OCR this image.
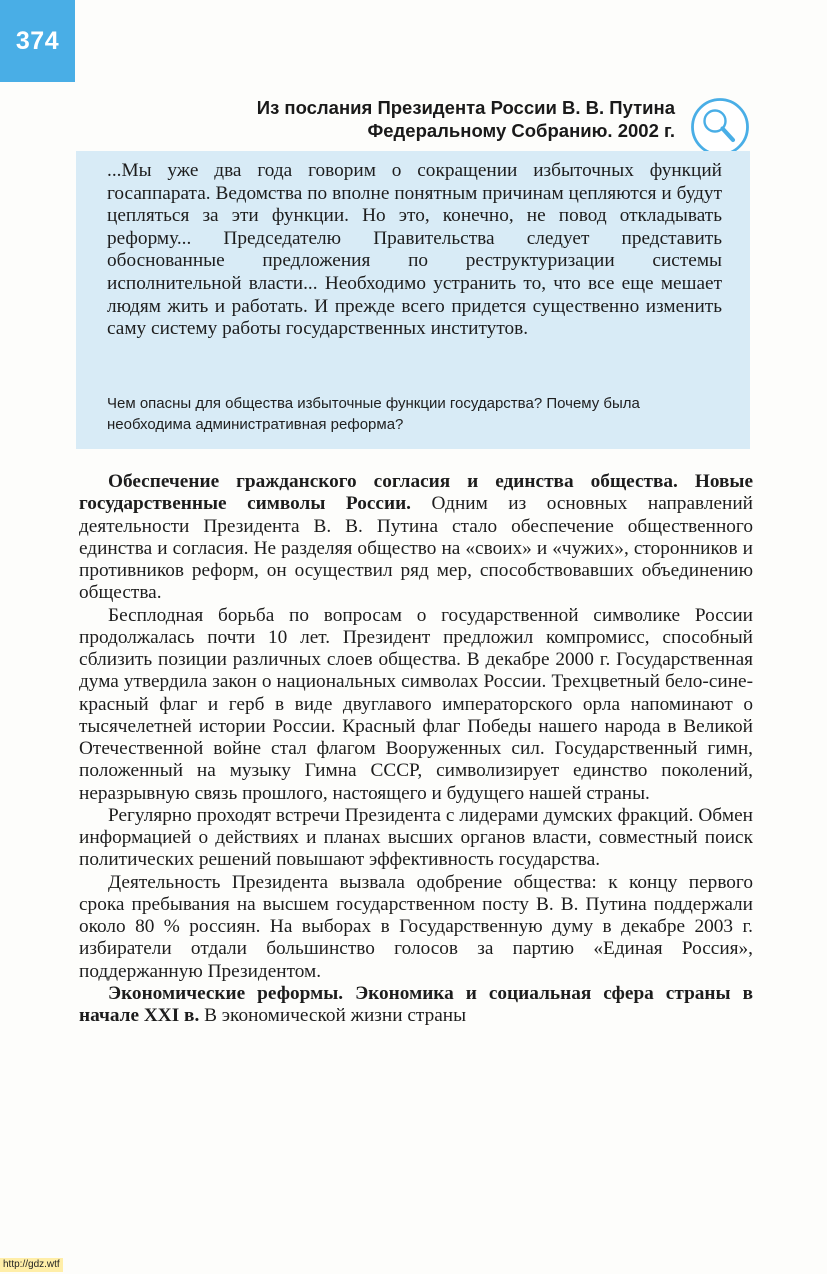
374
Из послания Президента России В. В. Путина
Федеральному Собранию. 2002 г.
...Мы уже два года говорим о сокращении избыточных функций госаппарата. Ведомства по вполне понятным причинам цепляются и будут цепляться за эти функции. Но это, конечно, не повод откладывать реформу... Председателю Правительства следует представить обоснованные предложения по реструктуризации системы исполнительной власти... Необходимо устранить то, что все еще мешает людям жить и работать. И прежде всего придется существенно изменить саму систему работы государственных институтов.
Чем опасны для общества избыточные функции государства? Почему была необходима административная реформа?

Обеспечение гражданского согласия и единства общества. Новые государственные символы России. Одним из основных направлений деятельности Президента В. В. Путина стало обеспечение общественного единства и согласия. Не разделяя общество на «своих» и «чужих», сторонников и противников реформ, он осуществил ряд мер, способствовавших объединению общества.

Бесплодная борьба по вопросам о государственной символике России продолжалась почти 10 лет. Президент предложил компромисс, способный сблизить позиции различных слоев общества. В декабре 2000 г. Государственная дума утвердила закон о национальных символах России. Трехцветный бело-сине-красный флаг и герб в виде двуглавого императорского орла напоминают о тысячелетней истории России. Красный флаг Победы нашего народа в Великой Отечественной войне стал флагом Вооруженных сил. Государственный гимн, положенный на музыку Гимна СССР, символизирует единство поколений, неразрывную связь прошлого, настоящего и будущего нашей страны.

Регулярно проходят встречи Президента с лидерами думских фракций. Обмен информацией о действиях и планах высших органов власти, совместный поиск политических решений повышают эффективность государства.

Деятельность Президента вызвала одобрение общества: к концу первого срока пребывания на высшем государственном посту В. В. Путина поддержали около 80 % россиян. На выборах в Государственную думу в декабре 2003 г. избиратели отдали большинство голосов за партию «Единая Россия», поддержанную Президентом.

Экономические реформы. Экономика и социальная сфера страны в начале XXI в. В экономической жизни страны

http://gdz.wtf
